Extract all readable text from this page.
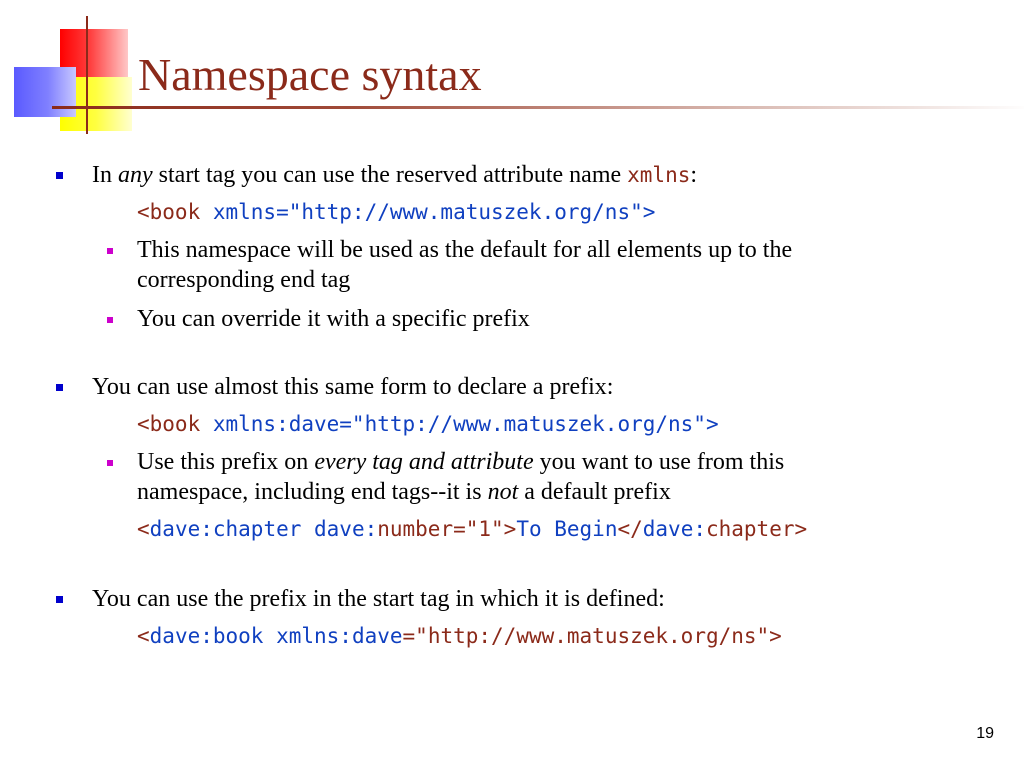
Namespace syntax
In any start tag you can use the reserved attribute name xmlns:
<book xmlns="http://www.matuszek.org/ns">
This namespace will be used as the default for all elements up to the
corresponding end tag
You can override it with a specific prefix
You can use almost this same form to declare a prefix:
<book xmlns:dave="http://www.matuszek.org/ns">
Use this prefix on every tag and attribute you want to use from this
namespace, including end tags--it is not a default prefix
<dave:chapter dave:number="1">To Begin</dave:chapter>
You can use the prefix in the start tag in which it is defined:
<dave:book xmlns:dave="http://www.matuszek.org/ns">
19
